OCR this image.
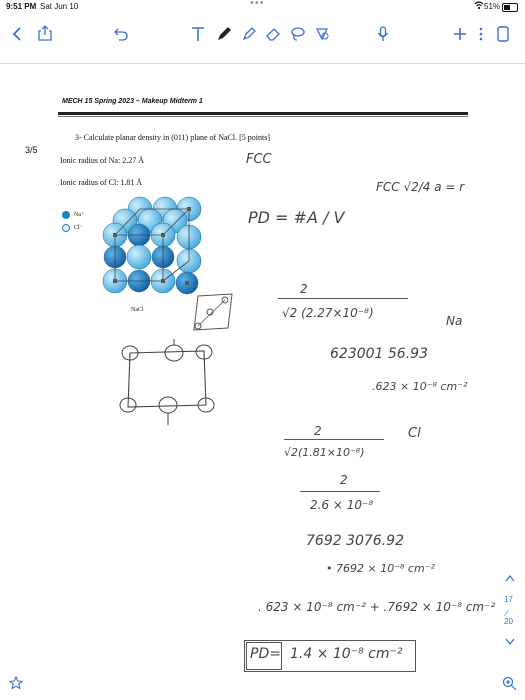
9:51 PM Sat Jun 10	•••	51%
MECH 15 Spring 2023 – Makeup Midterm 1
3/5
3- Calculate planar density in (011) plane of NaCl. [5 points]
Ionic radius of Na: 2.27 Å
Ionic radius of Cl: 1.81 Å
Na⁺
Cl⁻
NaCl
FCC
FCC √2/4 a = r
PD = #A / V
2
√2 (2.27×10⁻⁸)
Na
623001 56.93
.623 × 10⁻⁸ cm⁻²
2
√2(1.81×10⁻⁸)
Cl
2
2.6 × 10⁻⁸
7692 3076.92
• 7692 × 10⁻⁸ cm⁻²
. 623 × 10⁻⁸ cm⁻² + .7692 × 10⁻⁸ cm⁻²
PD= 1.4 × 10⁻⁸ cm⁻²
17
⁄
20
